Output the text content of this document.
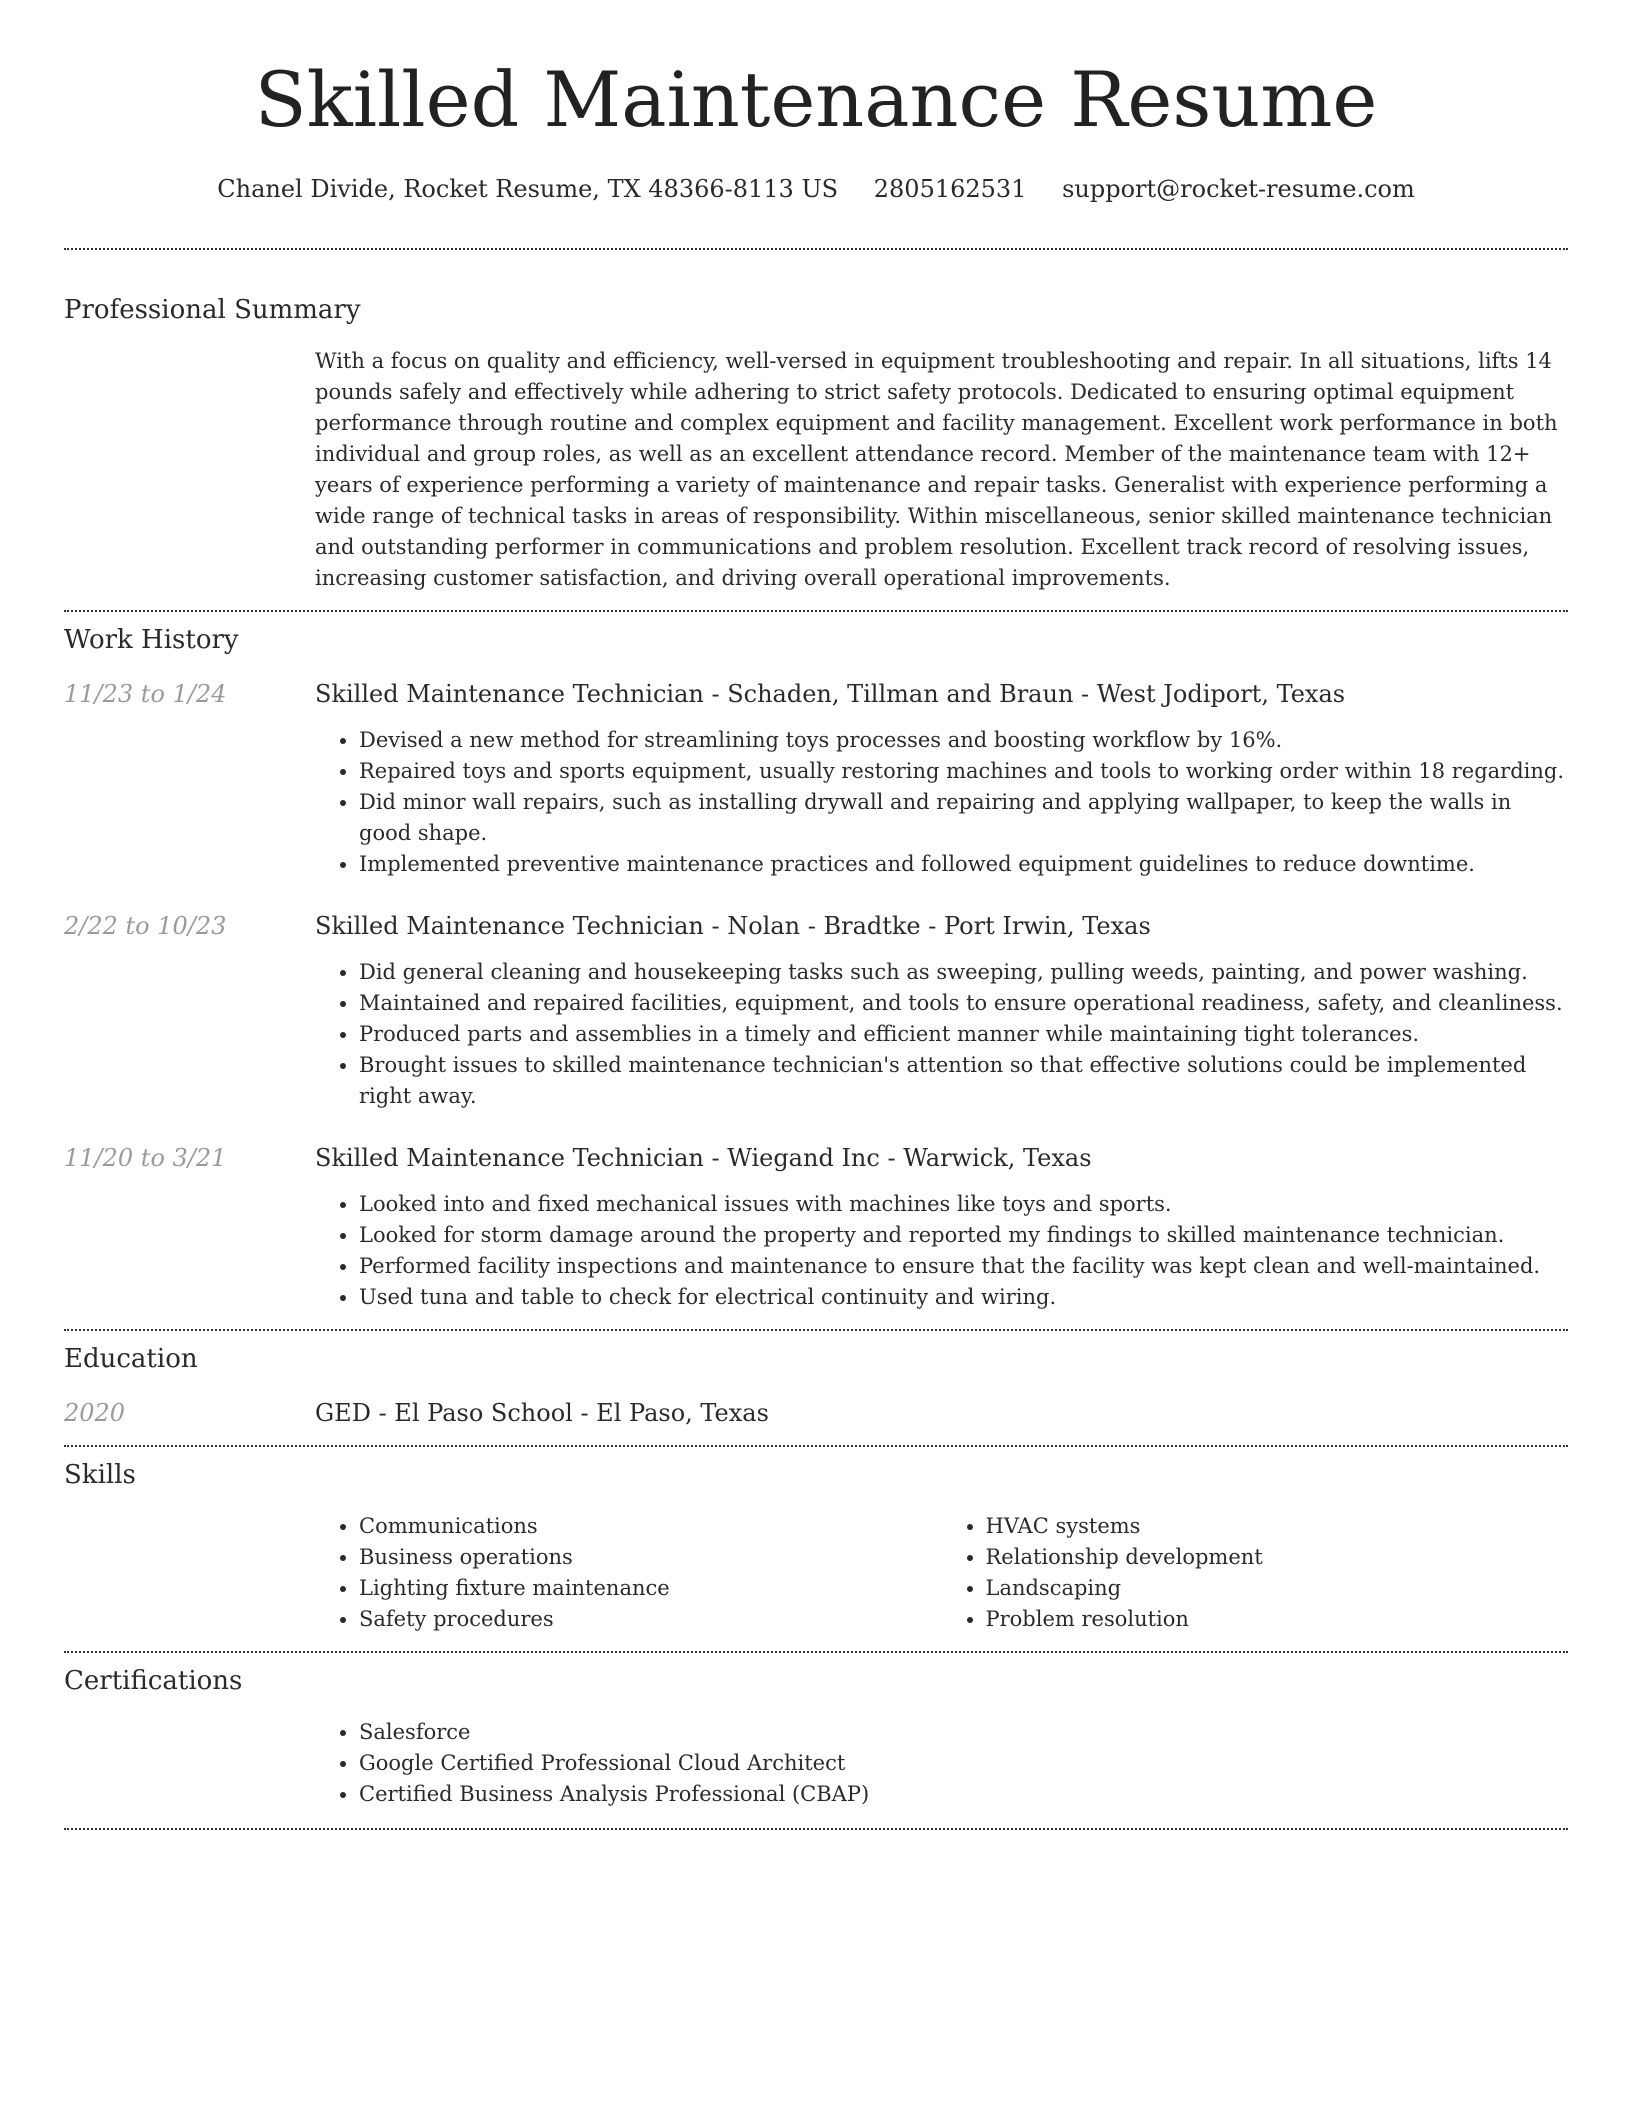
Skilled Maintenance Resume
Chanel Divide, Rocket Resume, TX 48366-8113 US 2805162531 support@rocket-resume.com
Professional Summary

With a focus on quality and efficiency, well-versed in equipment troubleshooting and repair. In all situations, lifts 14 pounds safely and effectively while adhering to strict safety protocols. Dedicated to ensuring optimal equipment performance through routine and complex equipment and facility management. Excellent work performance in both individual and group roles, as well as an excellent attendance record. Member of the maintenance team with 12+ years of experience performing a variety of maintenance and repair tasks. Generalist with experience performing a wide range of technical tasks in areas of responsibility. Within miscellaneous, senior skilled maintenance technician and outstanding performer in communications and problem resolution. Excellent track record of resolving issues, increasing customer satisfaction, and driving overall operational improvements.

Work History
11/23 to 1/24	Skilled Maintenance Technician - Schaden, Tillman and Braun - West Jodiport, Texas
• Devised a new method for streamlining toys processes and boosting workflow by 16%.
• Repaired toys and sports equipment, usually restoring machines and tools to working order within 18 regarding.
• Did minor wall repairs, such as installing drywall and repairing and applying wallpaper, to keep the walls in good shape.
• Implemented preventive maintenance practices and followed equipment guidelines to reduce downtime.
2/22 to 10/23	Skilled Maintenance Technician - Nolan - Bradtke - Port Irwin, Texas
• Did general cleaning and housekeeping tasks such as sweeping, pulling weeds, painting, and power washing.
• Maintained and repaired facilities, equipment, and tools to ensure operational readiness, safety, and cleanliness.
• Produced parts and assemblies in a timely and efficient manner while maintaining tight tolerances.
• Brought issues to skilled maintenance technician's attention so that effective solutions could be implemented right away.
11/20 to 3/21	Skilled Maintenance Technician - Wiegand Inc - Warwick, Texas
• Looked into and fixed mechanical issues with machines like toys and sports.
• Looked for storm damage around the property and reported my findings to skilled maintenance technician.
• Performed facility inspections and maintenance to ensure that the facility was kept clean and well-maintained.
• Used tuna and table to check for electrical continuity and wiring.
Education
2020	GED - El Paso School - El Paso, Texas
Skills
• Communications
• Business operations
• Lighting fixture maintenance
• Safety procedures
• HVAC systems
• Relationship development
• Landscaping
• Problem resolution
Certifications
• Salesforce
• Google Certified Professional Cloud Architect
• Certified Business Analysis Professional (CBAP)
